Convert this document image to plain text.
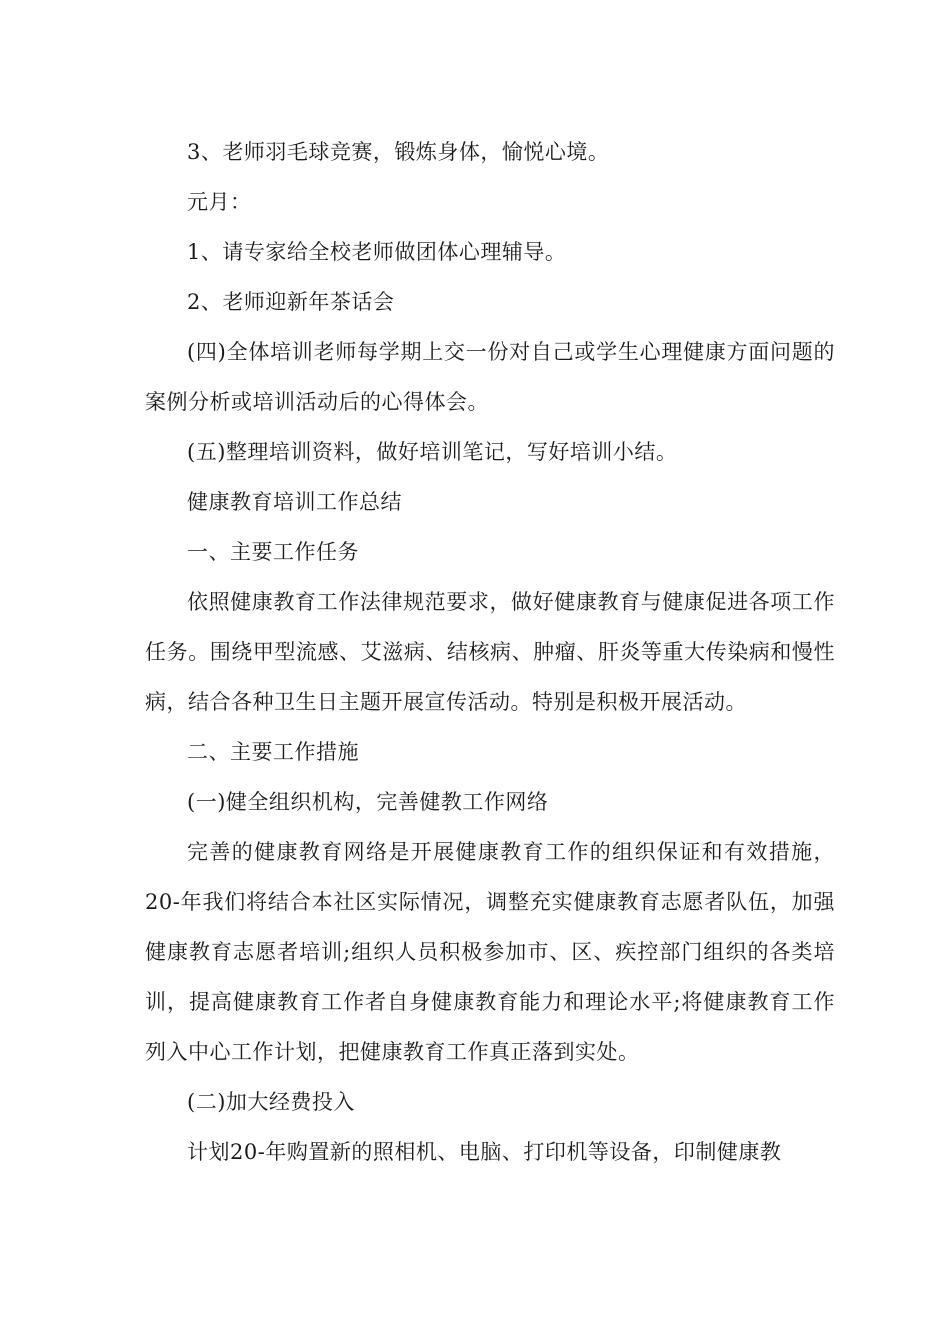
3、老师羽毛球竞赛，锻炼身体，愉悦心境。

元月：

1、请专家给全校老师做团体心理辅导。

2、老师迎新年茶话会

(四)全体培训老师每学期上交一份对自己或学生心理健康方面问题的案例分析或培训活动后的心得体会。

(五)整理培训资料，做好培训笔记，写好培训小结。

健康教育培训工作总结

一、主要工作任务

依照健康教育工作法律规范要求，做好健康教育与健康促进各项工作任务。围绕甲型流感、艾滋病、结核病、肿瘤、肝炎等重大传染病和慢性病，结合各种卫生日主题开展宣传活动。特别是积极开展活动。

二、主要工作措施

(一)健全组织机构，完善健教工作网络

完善的健康教育网络是开展健康教育工作的组织保证和有效措施，20-年我们将结合本社区实际情况，调整充实健康教育志愿者队伍，加强健康教育志愿者培训;组织人员积极参加市、区、疾控部门组织的各类培训，提高健康教育工作者自身健康教育能力和理论水平;将健康教育工作列入中心工作计划，把健康教育工作真正落到实处。

(二)加大经费投入

计划20-年购置新的照相机、电脑、打印机等设备，印制健康教
